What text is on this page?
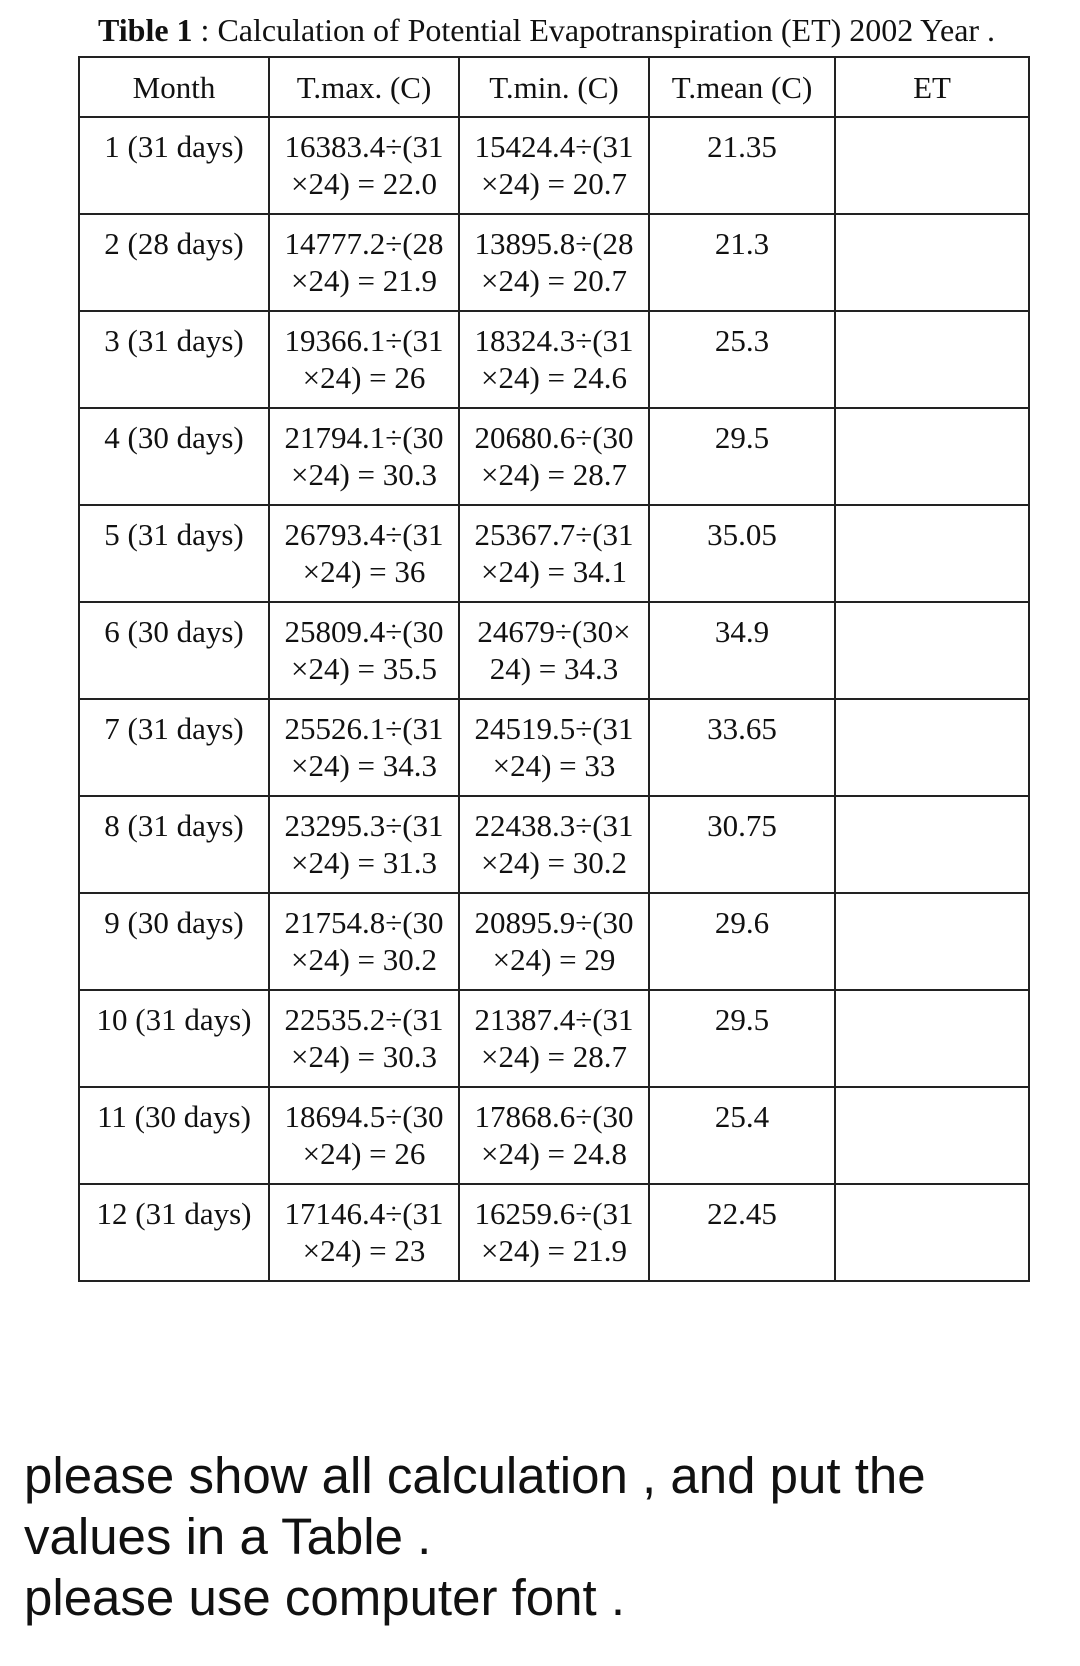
Tible 1 : Calculation of Potential Evapotranspiration (ET) 2002 Year .
Month	T.max. (C)	T.min. (C)	T.mean (C)	ET

1 (31 days)	16383.4÷(31
×24) = 22.0	15424.4÷(31
×24) = 20.7	21.35	

2 (28 days)	14777.2÷(28
×24) = 21.9	13895.8÷(28
×24) = 20.7	21.3	

3 (31 days)	19366.1÷(31
×24) = 26	18324.3÷(31
×24) = 24.6	25.3	

4 (30 days)	21794.1÷(30
×24) = 30.3	20680.6÷(30
×24) = 28.7	29.5	

5 (31 days)	26793.4÷(31
×24) = 36	25367.7÷(31
×24) = 34.1	35.05	

6 (30 days)	25809.4÷(30
×24) = 35.5	24679÷(30×
24) = 34.3	34.9	

7 (31 days)	25526.1÷(31
×24) = 34.3	24519.5÷(31
×24) = 33	33.65	

8 (31 days)	23295.3÷(31
×24) = 31.3	22438.3÷(31
×24) = 30.2	30.75	

9 (30 days)	21754.8÷(30
×24) = 30.2	20895.9÷(30
×24) = 29	29.6	

10 (31 days)	22535.2÷(31
×24) = 30.3	21387.4÷(31
×24) = 28.7	29.5	

11 (30 days)	18694.5÷(30
×24) = 26	17868.6÷(30
×24) = 24.8	25.4	

12 (31 days)	17146.4÷(31
×24) = 23	16259.6÷(31
×24) = 21.9	22.45	

please show all calculation , and put the
values in a Table .
please use computer font .
